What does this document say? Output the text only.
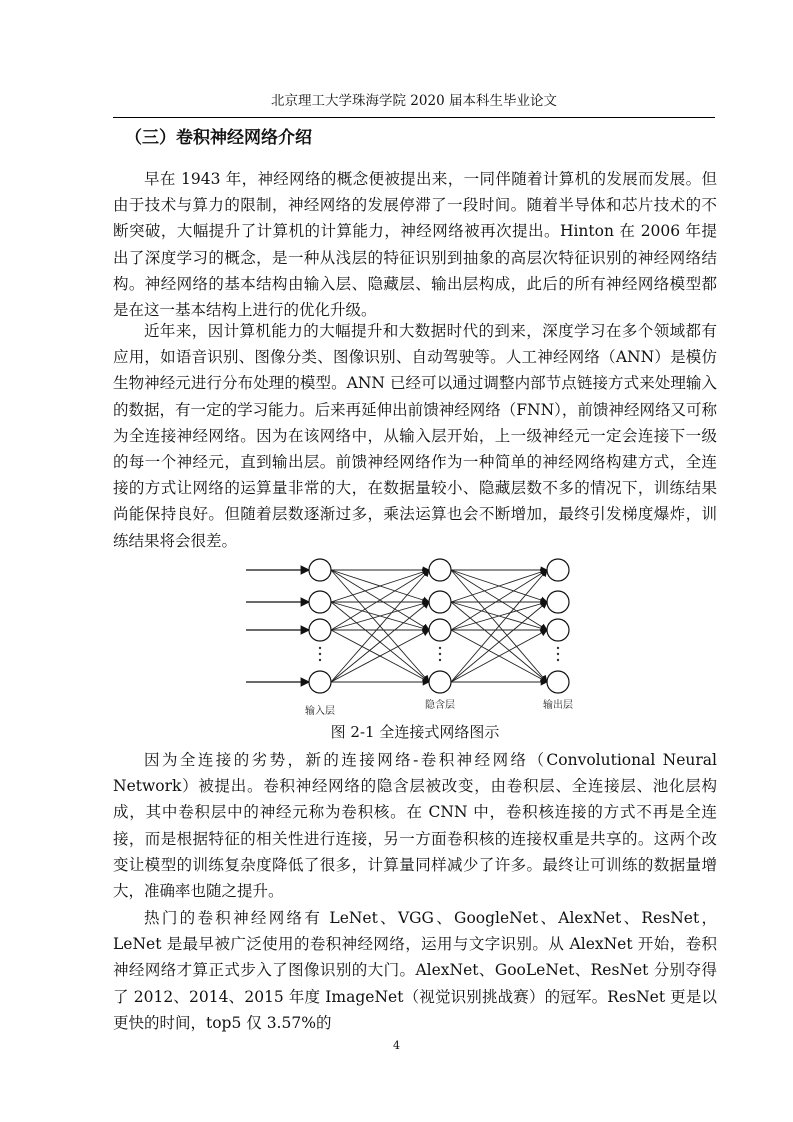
北京理工大学珠海学院 2020 届本科生毕业论文
（三）卷积神经网络介绍

早在 1943 年，神经网络的概念便被提出来，一同伴随着计算机的发展而发展。但由于技术与算力的限制，神经网络的发展停滞了一段时间。随着半导体和芯片技术的不断突破，大幅提升了计算机的计算能力，神经网络被再次提出。Hinton 在 2006 年提出了深度学习的概念，是一种从浅层的特征识别到抽象的高层次特征识别的神经网络结构。神经网络的基本结构由输入层、隐藏层、输出层构成，此后的所有神经网络模型都是在这一基本结构上进行的优化升级。

近年来，因计算机能力的大幅提升和大数据时代的到来，深度学习在多个领域都有应用，如语音识别、图像分类、图像识别、自动驾驶等。人工神经网络（ANN）是模仿生物神经元进行分布处理的模型。ANN 已经可以通过调整内部节点链接方式来处理输入的数据，有一定的学习能力。后来再延伸出前馈神经网络（FNN），前馈神经网络又可称为全连接神经网络。因为在该网络中，从输入层开始，上一级神经元一定会连接下一级的每一个神经元，直到输出层。前馈神经网络作为一种简单的神经网络构建方式，全连接的方式让网络的运算量非常的大，在数据量较小、隐藏层数不多的情况下，训练结果尚能保持良好。但随着层数逐渐过多，乘法运算也会不断增加，最终引发梯度爆炸，训练结果将会很差。

输入层
隐含层	输出层
图 2-1 全连接式网络图示

因为全连接的劣势，新的连接网络-卷积神经网络（Convolutional Neural Network）被提出。卷积神经网络的隐含层被改变，由卷积层、全连接层、池化层构成，其中卷积层中的神经元称为卷积核。在 CNN 中，卷积核连接的方式不再是全连接，而是根据特征的相关性进行连接，另一方面卷积核的连接权重是共享的。这两个改变让模型的训练复杂度降低了很多，计算量同样减少了许多。最终让可训练的数据量增大，准确率也随之提升。

热门的卷积神经网络有 LeNet、VGG、GoogleNet、AlexNet、ResNet，LeNet 是最早被广泛使用的卷积神经网络，运用与文字识别。从 AlexNet 开始，卷积神经网络才算正式步入了图像识别的大门。AlexNet、GooLeNet、ResNet 分别夺得了 2012、2014、2015 年度 ImageNet（视觉识别挑战赛）的冠军。ResNet 更是以更快的时间，top5 仅 3.57%的

4
